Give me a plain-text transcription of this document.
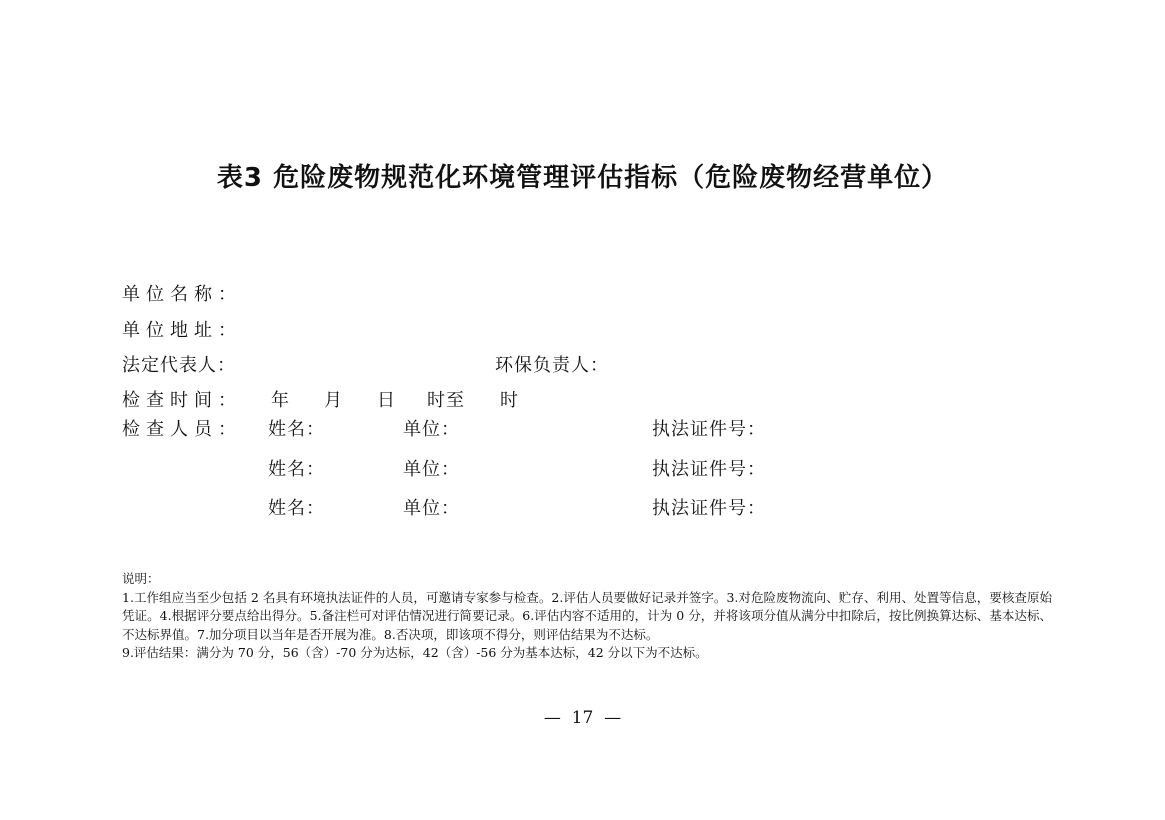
表3 危险废物规范化环境管理评估指标（危险废物经营单位）
单位名称：
单位地址：
法定代表人：	环保负责人：
检查时间： 年 月 日 时至 时
检查人员： 姓名：	单位：	执法证件号：
姓名：	单位：	执法证件号：
姓名：	单位：	执法证件号：
说明：
1.工作组应当至少包括 2 名具有环境执法证件的人员，可邀请专家参与检查。2.评估人员要做好记录并签字。3.对危险废物流向、贮存、利用、处置等信息，要核查原始凭证。4.根据评分要点给出得分。5.备注栏可对评估情况进行简要记录。6.评估内容不适用的，计为 0 分，并将该项分值从满分中扣除后，按比例换算达标、基本达标、不达标界值。7.加分项目以当年是否开展为准。8.否决项，即该项不得分，则评估结果为不达标。
9.评估结果：满分为 70 分，56（含）-70 分为达标，42（含）-56 分为基本达标，42 分以下为不达标。
—  17  —
